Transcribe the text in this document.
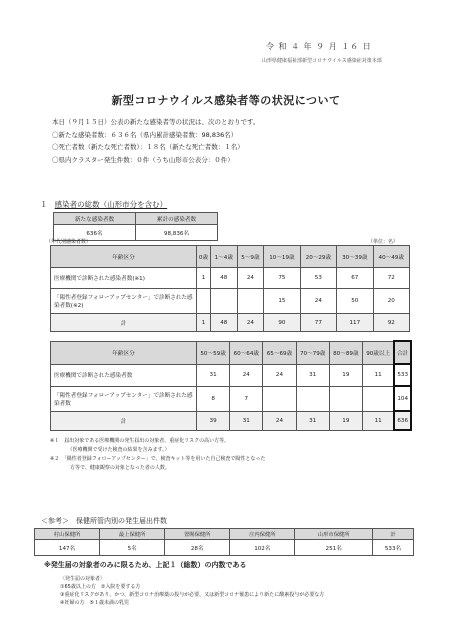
令 和 ４ 年 ９ 月 １６ 日
山形県健康福祉部新型コロナウイルス感染症対策本部
新型コロナウイルス感染者等の状況について
本日（９月１５日）公表の新たな感染者等の状況は、次のとおりです。
〇新たな感染者数：６３６名（県内累計感染者数：98,836名）
〇死亡者数（新たな死亡者数）：１８名（新たな死亡者数：１名）
〇県内クラスター発生件数：０件（うち山形市公表分：０件）
１ 感染者の総数（山形市分を含む）
新たな感染者数	累計の感染者数
636名	98,836名
（年代別感染者数）	（単位：名）
年齢区分	0歳	1～4歳	5～9歳	10～19歳	20～29歳	30～39歳	40～49歳
医療機関で診断された感染者数(※1)	1	48	24	75	53	67	72
「陽性者登録フォローアップセンター」で診断された感染者数(※2)				15	24	50	20
計	1	48	24	90	77	117	92
年齢区分	50～59歳	60～64歳	65～69歳	70～79歳	80～89歳	90歳以上	合計
医療機関で診断された感染者数	31	24	24	31	19	11	533
「陽性者登録フォローアップセンター」で診断された感染者数	8	7					104
計	39	31	24	31	19	11	636
※１　届出対象である医療機関の発生届出の対象者、重症化リスクの高い方等。
　　　　（医療機関で受けた検査の結果を含みます。）
※２　「陽性者登録フォローアップセンター」で、検査キット等を用いた自己検査で陽性となった
　　　　方等で、健康観察の対象となった者の人数。
＜参考＞　保健所管内別の発生届出件数
村山保健所	最上保健所	置賜保健所	庄内保健所	山形市保健所	計
147名	5名	28名	102名	251名	533名
※発生届の対象者のみに限るため、上記１（総数）の内数である
〈発生届の対象者〉
①65歳以上の方　②入院を要する方
③重症化リスクがあり、かつ、新型コロナ治療薬の投与が必要、又は新型コロナ罹患により新たに酸素投与が必要な方
④妊婦の方　⑤１歳未満の乳児
